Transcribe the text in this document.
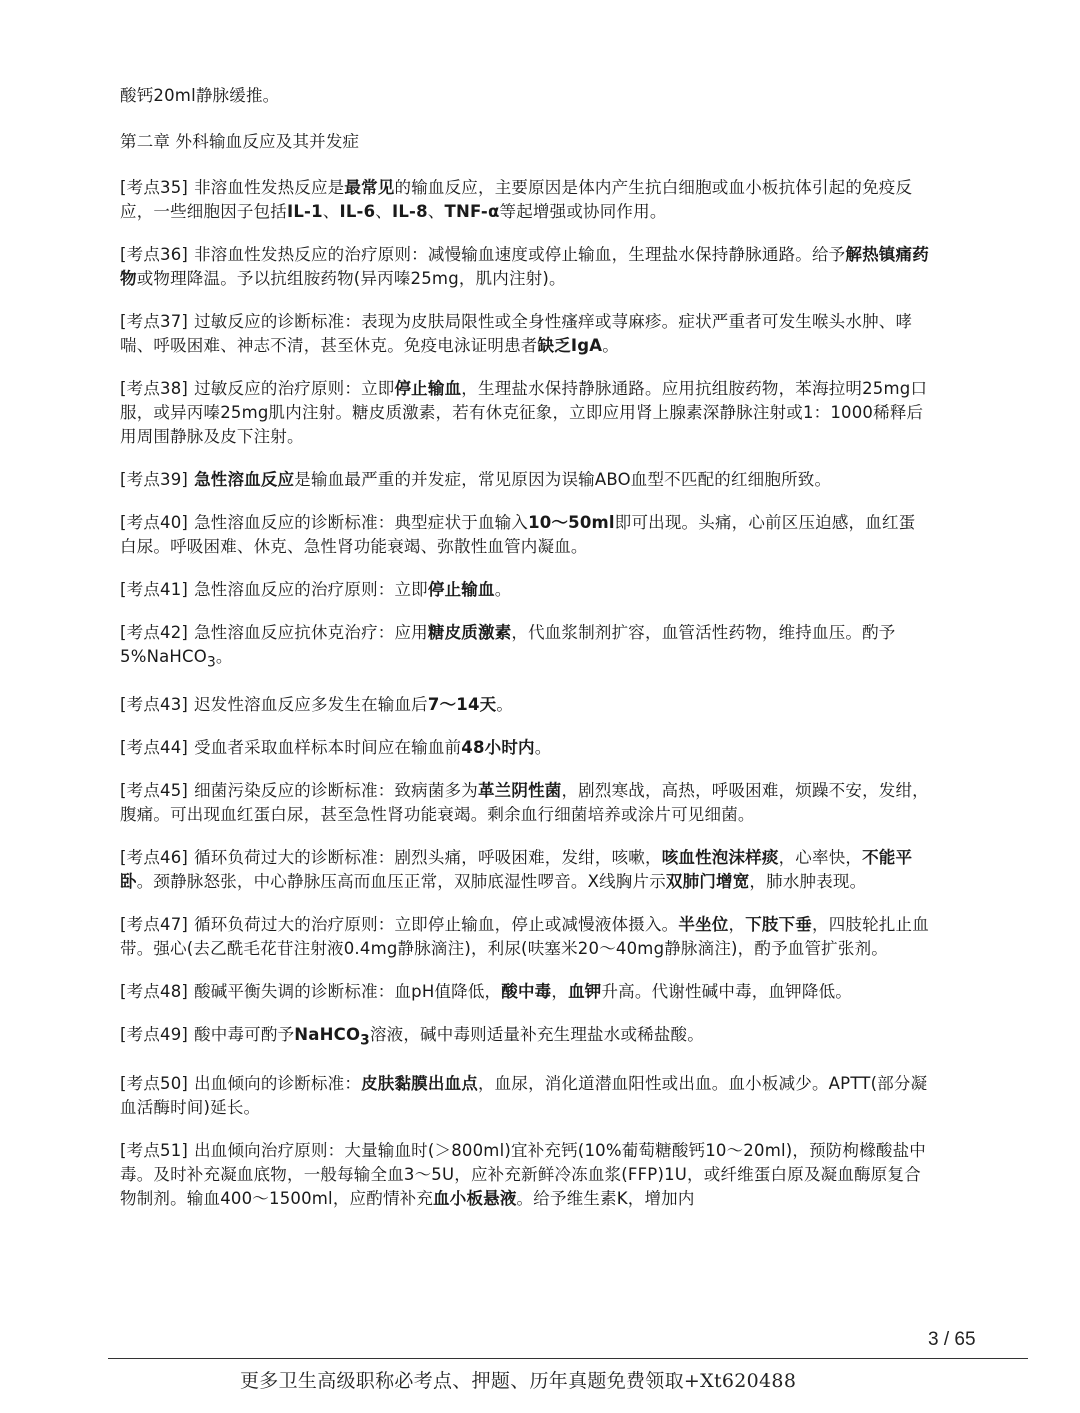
酸钙20ml静脉缓推。

第二章 外科输血反应及其并发症

[考点35] 非溶血性发热反应是最常见的输血反应，主要原因是体内产生抗白细胞或血小板抗体引起的免疫反应，一些细胞因子包括IL-1、IL-6、IL-8、TNF-α等起增强或协同作用。

[考点36] 非溶血性发热反应的治疗原则：减慢输血速度或停止输血，生理盐水保持静脉通路。给予解热镇痛药物或物理降温。予以抗组胺药物(异丙嗪25mg，肌内注射)。

[考点37] 过敏反应的诊断标准：表现为皮肤局限性或全身性瘙痒或荨麻疹。症状严重者可发生喉头水肿、哮喘、呼吸困难、神志不清，甚至休克。免疫电泳证明患者缺乏IgA。

[考点38] 过敏反应的治疗原则：立即停止输血，生理盐水保持静脉通路。应用抗组胺药物，苯海拉明25mg口服，或异丙嗪25mg肌内注射。糖皮质激素，若有休克征象，立即应用肾上腺素深静脉注射或1：1000稀释后用周围静脉及皮下注射。

[考点39] 急性溶血反应是输血最严重的并发症，常见原因为误输ABO血型不匹配的红细胞所致。

[考点40] 急性溶血反应的诊断标准：典型症状于血输入10～50ml即可出现。头痛，心前区压迫感，血红蛋白尿。呼吸困难、休克、急性肾功能衰竭、弥散性血管内凝血。

[考点41] 急性溶血反应的治疗原则：立即停止输血。

[考点42] 急性溶血反应抗休克治疗：应用糖皮质激素，代血浆制剂扩容，血管活性药物，维持血压。酌予5%NaHCO$_3$。

[考点43] 迟发性溶血反应多发生在输血后7～14天。

[考点44] 受血者采取血样标本时间应在输血前48小时内。

[考点45] 细菌污染反应的诊断标准：致病菌多为革兰阴性菌，剧烈寒战，高热，呼吸困难，烦躁不安，发绀，腹痛。可出现血红蛋白尿，甚至急性肾功能衰竭。剩余血行细菌培养或涂片可见细菌。

[考点46] 循环负荷过大的诊断标准：剧烈头痛，呼吸困难，发绀，咳嗽，咳血性泡沫样痰，心率快，不能平卧。颈静脉怒张，中心静脉压高而血压正常，双肺底湿性啰音。X线胸片示双肺门增宽，肺水肿表现。

[考点47] 循环负荷过大的治疗原则：立即停止输血，停止或减慢液体摄入。半坐位，下肢下垂，四肢轮扎止血带。强心(去乙酰毛花苷注射液0.4mg静脉滴注)，利尿(呋塞米20～40mg静脉滴注)，酌予血管扩张剂。

[考点48] 酸碱平衡失调的诊断标准：血pH值降低，酸中毒，血钾升高。代谢性碱中毒，血钾降低。

[考点49] 酸中毒可酌予NaHCO$_3$溶液，碱中毒则适量补充生理盐水或稀盐酸。

[考点50] 出血倾向的诊断标准：皮肤黏膜出血点，血尿，消化道潜血阳性或出血。血小板减少。APTT(部分凝血活酶时间)延长。

[考点51] 出血倾向治疗原则：大量输血时(＞800ml)宜补充钙(10%葡萄糖酸钙10～20ml)，预防枸橼酸盐中毒。及时补充凝血底物，一般每输全血3～5U，应补充新鲜冷冻血浆(FFP)1U，或纤维蛋白原及凝血酶原复合物制剂。输血400～1500ml，应酌情补充血小板悬液。给予维生素K，增加内

3 / 65
更多卫生高级职称必考点、押题、历年真题免费领取+Xt620488
